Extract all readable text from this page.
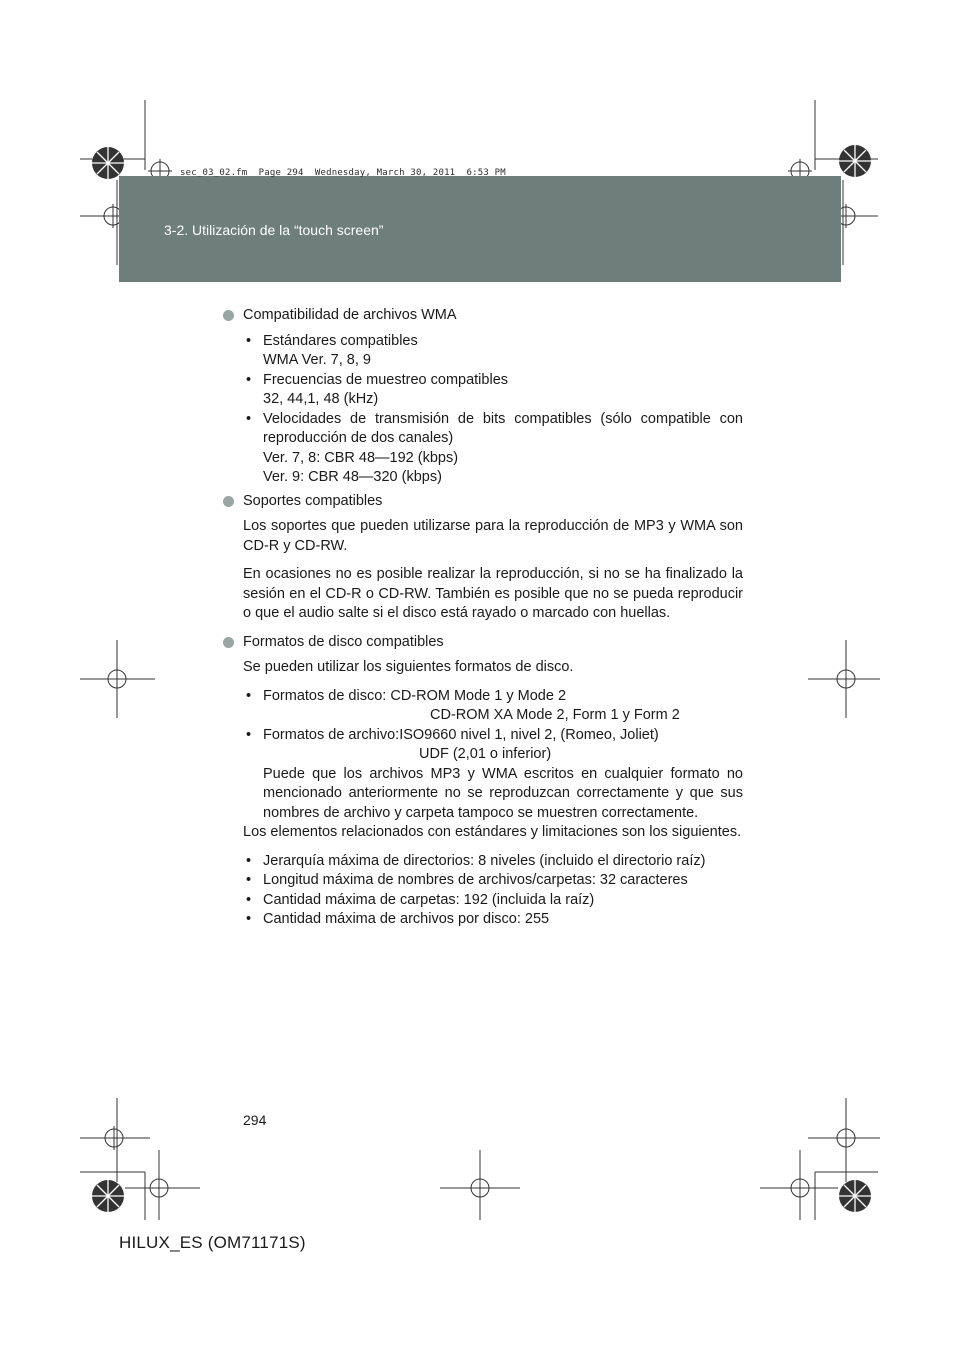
sec_03_02.fm  Page 294  Wednesday, March 30, 2011  6:53 PM
3-2. Utilización de la “touch screen”
Compatibilidad de archivos WMA
• Estándares compatibles
WMA Ver. 7, 8, 9
• Frecuencias de muestreo compatibles
32, 44,1, 48 (kHz)
• Velocidades de transmisión de bits compatibles (sólo compatible con reproducción de dos canales)
Ver. 7, 8: CBR 48—192 (kbps)
Ver. 9: CBR 48—320 (kbps)
Soportes compatibles
Los soportes que pueden utilizarse para la reproducción de MP3 y WMA son CD-R y CD-RW.
En ocasiones no es posible realizar la reproducción, si no se ha finalizado la sesión en el CD-R o CD-RW. También es posible que no se pueda reproducir o que el audio salte si el disco está rayado o marcado con huellas.
Formatos de disco compatibles
Se pueden utilizar los siguientes formatos de disco.
• Formatos de disco: CD-ROM Mode 1 y Mode 2
CD-ROM XA Mode 2, Form 1 y Form 2
• Formatos de archivo:ISO9660 nivel 1, nivel 2, (Romeo, Joliet)
UDF (2,01 o inferior)
Puede que los archivos MP3 y WMA escritos en cualquier formato no mencionado anteriormente no se reproduzcan correctamente y que sus nombres de archivo y carpeta tampoco se muestren correctamente.
Los elementos relacionados con estándares y limitaciones son los siguientes.
• Jerarquía máxima de directorios: 8 niveles (incluido el directorio raíz)
• Longitud máxima de nombres de archivos/carpetas: 32 caracteres
• Cantidad máxima de carpetas: 192 (incluida la raíz)
• Cantidad máxima de archivos por disco: 255
294
HILUX_ES (OM71171S)
